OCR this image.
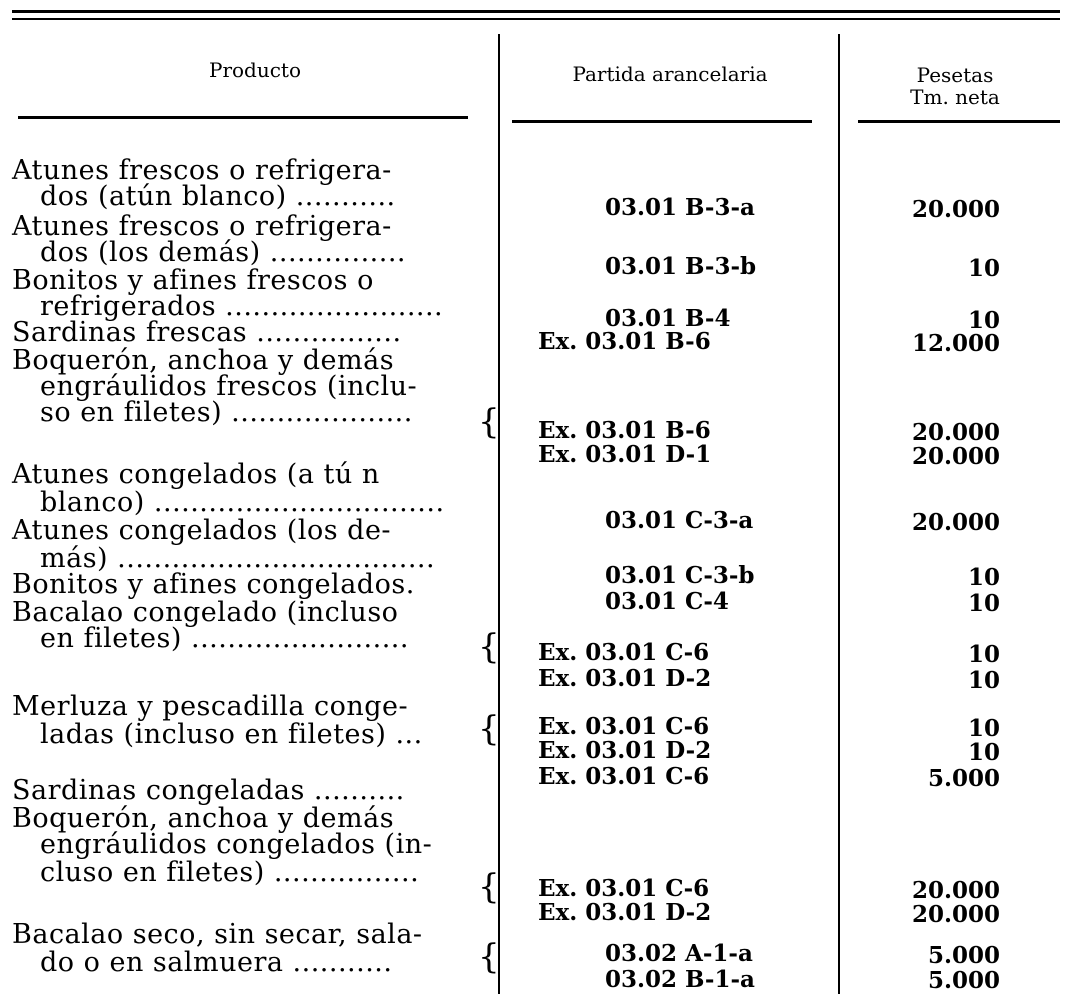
Producto	Partida arancelaria	Pesetas
Tm. neta
Atunes frescos o refrigera-
dos (atún blanco) ...........
Atunes frescos o refrigera-
dos (los demás) ...............
Bonitos y afines frescos o
refrigerados ........................
Sardinas frescas ................
Boquerón, anchoa y demás
engráulidos frescos (inclu-
so en filetes) ....................
Atunes congelados (a tú n
blanco) ................................
Atunes congelados (los de-
más) ...................................
Bonitos y afines congelados.
Bacalao congelado (incluso
en filetes) ........................
Merluza y pescadilla conge-
ladas (incluso en filetes) ...
Sardinas congeladas ..........
Boquerón, anchoa y demás
engráulidos congelados (in-
cluso en filetes) ................
Bacalao seco, sin secar, sala-
do o en salmuera ...........
{
{
{
{
{
03.01 B-3-a
03.01 B-3-b
03.01 B-4
Ex. 03.01 B-6
Ex. 03.01 B-6
Ex. 03.01 D-1
03.01 C-3-a
03.01 C-3-b
03.01 C-4
Ex. 03.01 C-6
Ex. 03.01 D-2
Ex. 03.01 C-6
Ex. 03.01 D-2
Ex. 03.01 C-6
Ex. 03.01 C-6
Ex. 03.01 D-2
03.02 A-1-a
03.02 B-1-a
20.000
10
10
12.000
20.000
20.000
20.000
10
10
10
10
10
10
5.000
20.000
20.000
5.000
5.000
